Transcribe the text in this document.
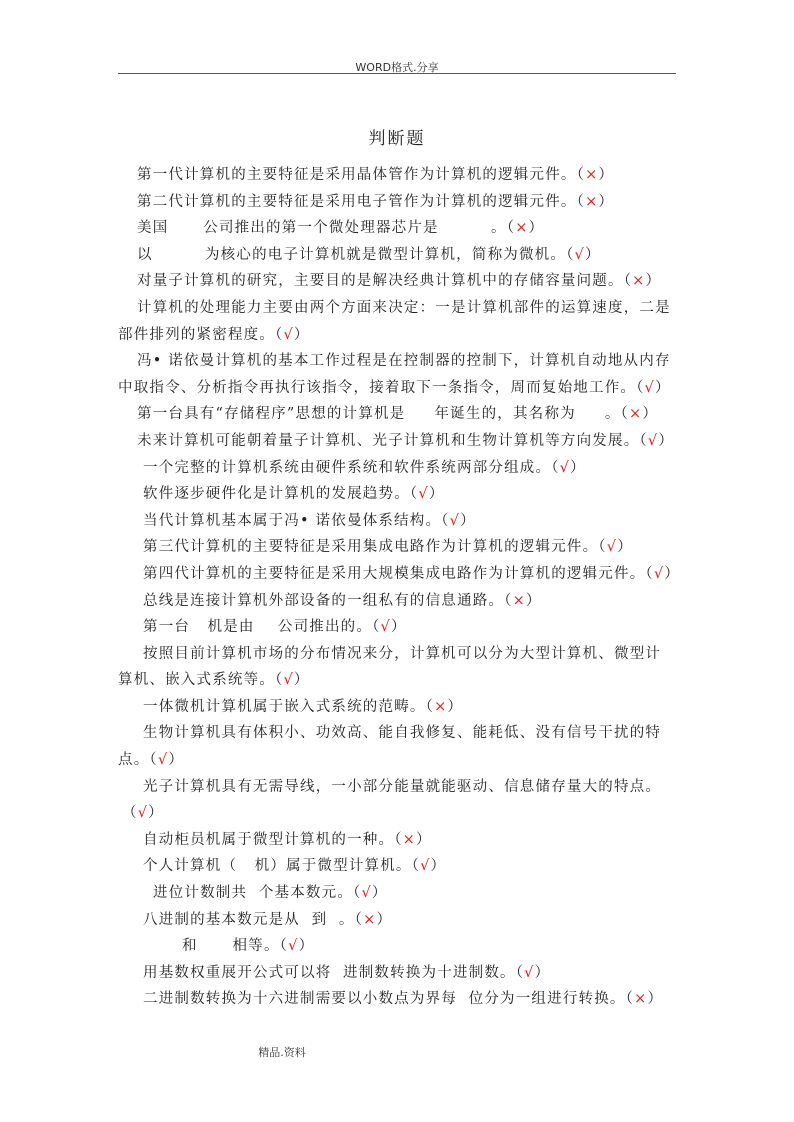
WORD格式.分享
判断题
第一代计算机的主要特征是采用晶体管作为计算机的逻辑元件。（×）
第二代计算机的主要特征是采用电子管作为计算机的逻辑元件。（×）
美国      公司推出的第一个微处理器芯片是         。（×）
以         为核心的电子计算机就是微型计算机，简称为微机。（√）
对量子计算机的研究，主要目的是解决经典计算机中的存储容量问题。（×）
计算机的处理能力主要由两个方面来决定：一是计算机部件的运算速度，二是
部件排列的紧密程度。（√）
冯• 诺依曼计算机的基本工作过程是在控制器的控制下，计算机自动地从内存
中取指令、分析指令再执行该指令，接着取下一条指令，周而复始地工作。（√）
第一台具有“存储程序”思想的计算机是     年诞生的，其名称为     。（×）
未来计算机可能朝着量子计算机、光子计算机和生物计算机等方向发展。（√）
一个完整的计算机系统由硬件系统和软件系统两部分组成。（√）
软件逐步硬件化是计算机的发展趋势。（√）
当代计算机基本属于冯• 诺依曼体系结构。（√）
第三代计算机的主要特征是采用集成电路作为计算机的逻辑元件。（√）
第四代计算机的主要特征是采用大规模集成电路作为计算机的逻辑元件。（√）
总线是连接计算机外部设备的一组私有的信息通路。（×）
第一台   机是由    公司推出的。（√）
按照目前计算机市场的分布情况来分，计算机可以分为大型计算机、微型计
算机、嵌入式系统等。（√）
一体微机计算机属于嵌入式系统的范畴。（×）
生物计算机具有体积小、功效高、能自我修复、能耗低、没有信号干扰的特
点。（√）
光子计算机具有无需导线，一小部分能量就能驱动、信息储存量大的特点。
（√）
自动柜员机属于微型计算机的一种。（×）
个人计算机（   机）属于微型计算机。（√）
进位计数制共  个基本数元。（√）
八进制的基本数元是从  到  。（×）
和      相等。（√）
用基数权重展开公式可以将  进制数转换为十进制数。（√）
二进制数转换为十六进制需要以小数点为界每  位分为一组进行转换。（×）
精品.资料
